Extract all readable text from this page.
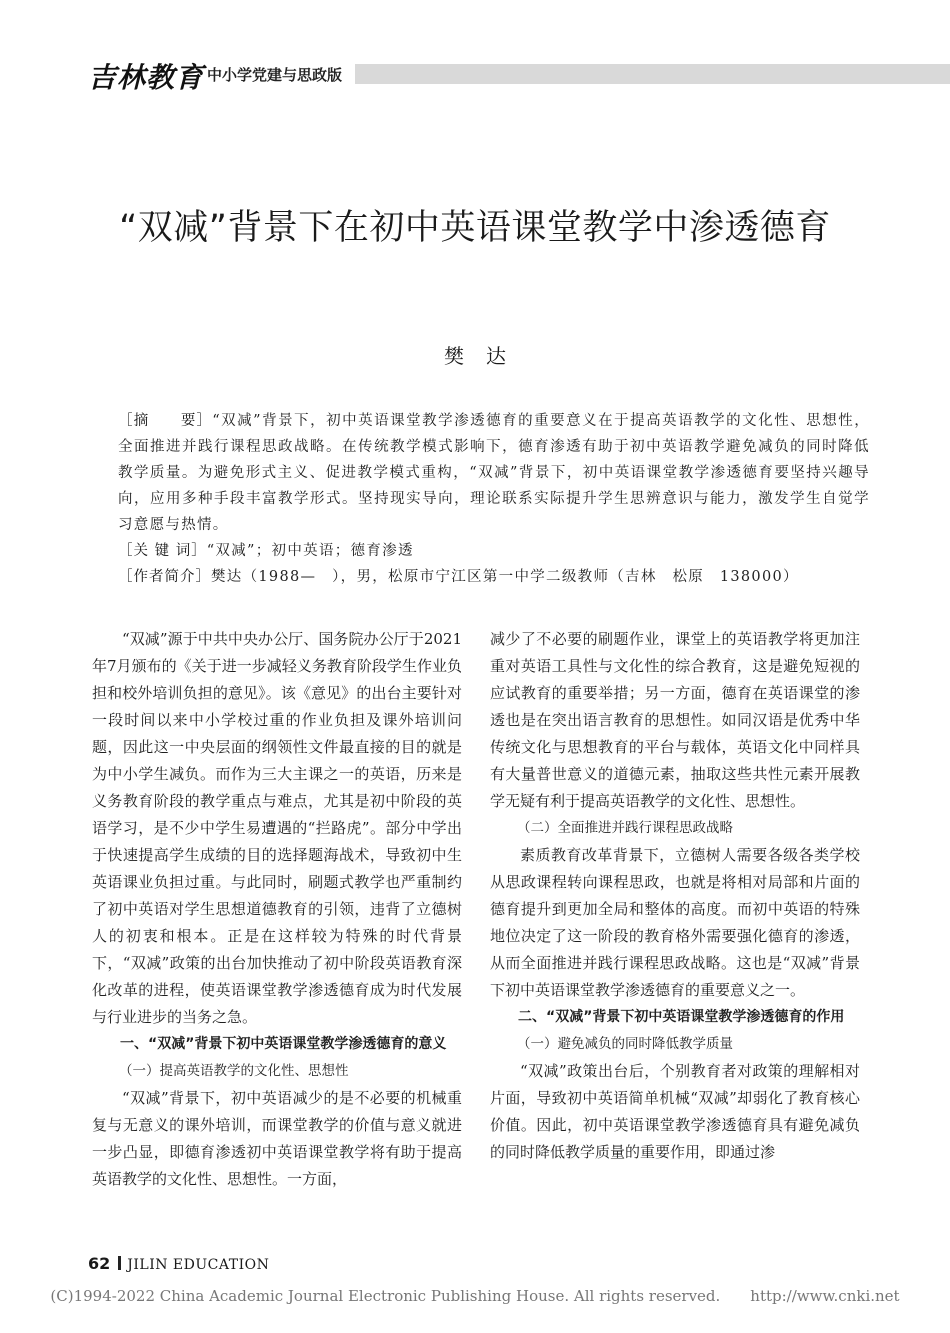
吉林教育 中小学党建与思政版
“双减”背景下在初中英语课堂教学中渗透德育
樊达

［摘　　要］“双减”背景下，初中英语课堂教学渗透德育的重要意义在于提高英语教学的文化性、思想性，全面推进并践行课程思政战略。在传统教学模式影响下，德育渗透有助于初中英语教学避免减负的同时降低教学质量。为避免形式主义、促进教学模式重构，“双减”背景下，初中英语课堂教学渗透德育要坚持兴趣导向，应用多种手段丰富教学形式。坚持现实导向，理论联系实际提升学生思辨意识与能力，激发学生自觉学习意愿与热情。

［关 键 词］“双减”；初中英语；德育渗透

［作者简介］樊达（1988—　），男，松原市宁江区第一中学二级教师（吉林　松原　138000）

“双减”源于中共中央办公厅、国务院办公厅于2021年7月颁布的《关于进一步减轻义务教育阶段学生作业负担和校外培训负担的意见》。该《意见》的出台主要针对一段时间以来中小学校过重的作业负担及课外培训问题，因此这一中央层面的纲领性文件最直接的目的就是为中小学生减负。而作为三大主课之一的英语，历来是义务教育阶段的教学重点与难点，尤其是初中阶段的英语学习，是不少中学生易遭遇的“拦路虎”。部分中学出于快速提高学生成绩的目的选择题海战术，导致初中生英语课业负担过重。与此同时，刷题式教学也严重制约了初中英语对学生思想道德教育的引领，违背了立德树人的初衷和根本。正是在这样较为特殊的时代背景下，“双减”政策的出台加快推动了初中阶段英语教育深化改革的进程，使英语课堂教学渗透德育成为时代发展与行业进步的当务之急。

一、“双减”背景下初中英语课堂教学渗透德育的意义

（一）提高英语教学的文化性、思想性

“双减”背景下，初中英语减少的是不必要的机械重复与无意义的课外培训，而课堂教学的价值与意义就进一步凸显，即德育渗透初中英语课堂教学将有助于提高英语教学的文化性、思想性。一方面，

减少了不必要的刷题作业，课堂上的英语教学将更加注重对英语工具性与文化性的综合教育，这是避免短视的应试教育的重要举措；另一方面，德育在英语课堂的渗透也是在突出语言教育的思想性。如同汉语是优秀中华传统文化与思想教育的平台与载体，英语文化中同样具有大量普世意义的道德元素，抽取这些共性元素开展教学无疑有利于提高英语教学的文化性、思想性。

（二）全面推进并践行课程思政战略

素质教育改革背景下，立德树人需要各级各类学校从思政课程转向课程思政，也就是将相对局部和片面的德育提升到更加全局和整体的高度。而初中英语的特殊地位决定了这一阶段的教育格外需要强化德育的渗透，从而全面推进并践行课程思政战略。这也是“双减”背景下初中英语课堂教学渗透德育的重要意义之一。

二、“双减”背景下初中英语课堂教学渗透德育的作用

（一）避免减负的同时降低教学质量

“双减”政策出台后，个别教育者对政策的理解相对片面，导致初中英语简单机械“双减”却弱化了教育核心价值。因此，初中英语课堂教学渗透德育具有避免减负的同时降低教学质量的重要作用，即通过渗

62 JILIN EDUCATION
(C)1994-2022 China Academic Journal Electronic Publishing House. All rights reserved.　　http://www.cnki.net
